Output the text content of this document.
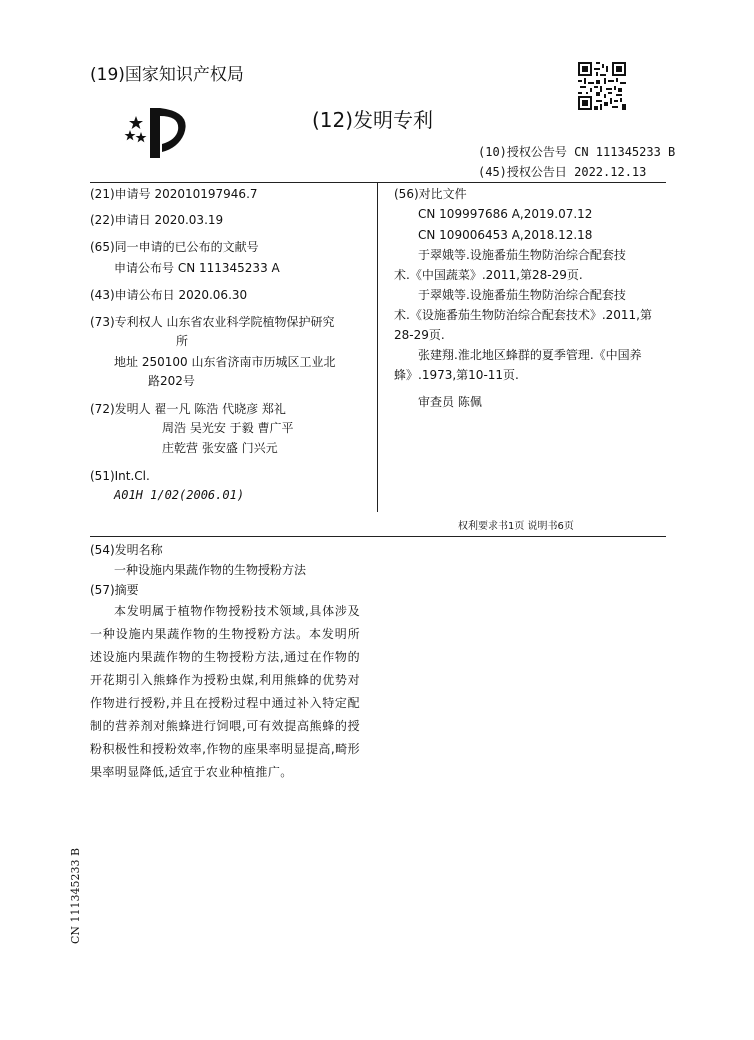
(19)国家知识产权局
(12)发明专利
(10)授权公告号 CN 111345233 B
(45)授权公告日 2022.12.13
(21)申请号 202010197946.7
(22)申请日 2020.03.19
(65)同一申请的已公布的文献号
申请公布号 CN 111345233 A
(43)申请公布日 2020.06.30
(73)专利权人 山东省农业科学院植物保护研究
所
地址 250100 山东省济南市历城区工业北
路202号
(72)发明人 翟一凡 陈浩 代晓彦 郑礼
周浩 吴光安 于毅 曹广平
庄乾营 张安盛 门兴元
(51)Int.Cl.
A01H 1/02(2006.01)
(56)对比文件
CN 109997686 A,2019.07.12
CN 109006453 A,2018.12.18
于翠娥等.设施番茄生物防治综合配套技
术.《中国蔬菜》.2011,第28-29页.
于翠娥等.设施番茄生物防治综合配套技
术.《设施番茄生物防治综合配套技术》.2011,第
28-29页.
张建翔.淮北地区蜂群的夏季管理.《中国养
蜂》.1973,第10-11页.
审查员 陈佩
权利要求书1页 说明书6页
(54)发明名称
一种设施内果蔬作物的生物授粉方法
(57)摘要

本发明属于植物作物授粉技术领域,具体涉及一种设施内果蔬作物的生物授粉方法。本发明所述设施内果蔬作物的生物授粉方法,通过在作物的开花期引入熊蜂作为授粉虫媒,利用熊蜂的优势对作物进行授粉,并且在授粉过程中通过补入特定配制的营养剂对熊蜂进行饲喂,可有效提高熊蜂的授粉积极性和授粉效率,作物的座果率明显提高,畸形果率明显降低,适宜于农业种植推广。

CN 111345233 B
